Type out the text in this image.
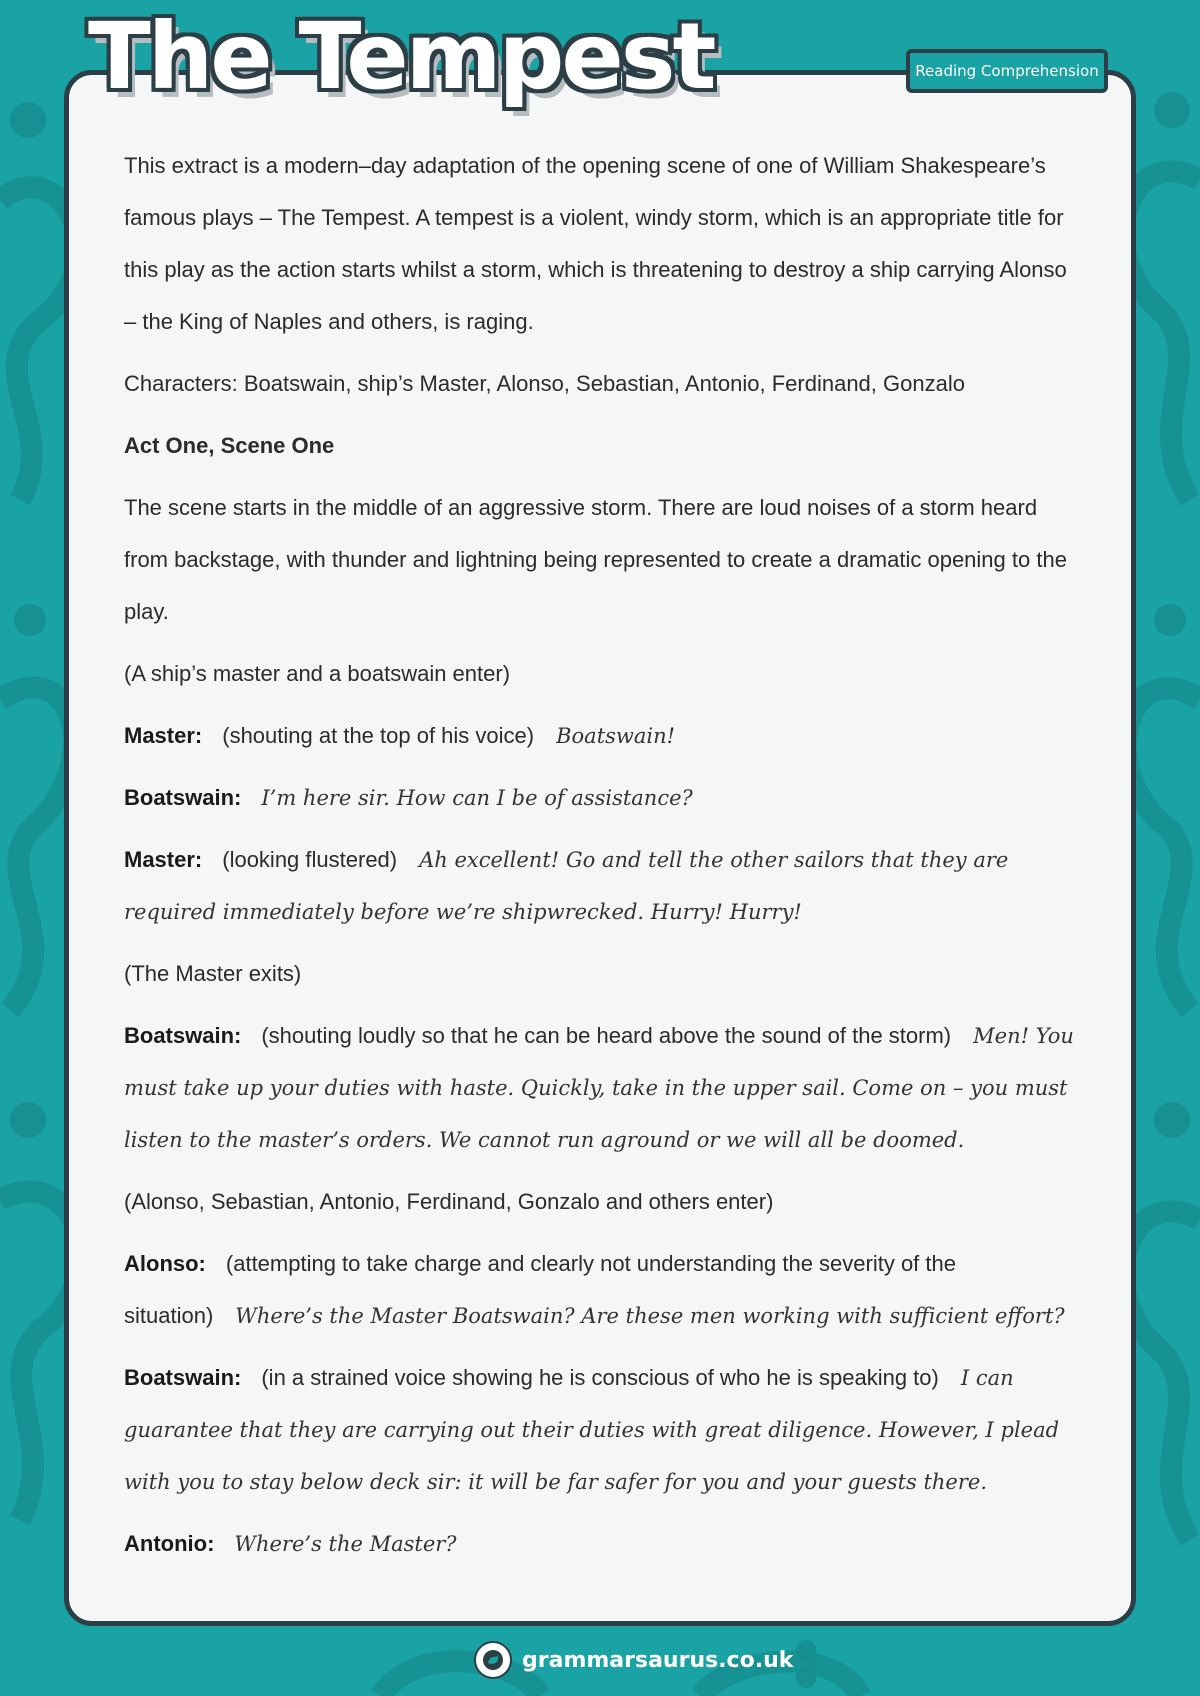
The Tempest	Reading Comprehension

This extract is a modern–day adaptation of the opening scene of one of William Shakespeare’s famous plays – The Tempest. A tempest is a violent, windy storm, which is an appropriate title for this play as the action starts whilst a storm, which is threatening to destroy a ship carrying Alonso – the King of Naples and others, is raging.

Characters: Boatswain, ship’s Master, Alonso, Sebastian, Antonio, Ferdinand, Gonzalo

Act One, Scene One

The scene starts in the middle of an aggressive storm. There are loud noises of a storm heard from backstage, with thunder and lightning being represented to create a dramatic opening to the play.

(A ship’s master and a boatswain enter)

Master: (shouting at the top of his voice) Boatswain!

Boatswain: I’m here sir. How can I be of assistance?

Master: (looking flustered) Ah excellent! Go and tell the other sailors that they are required immediately before we’re shipwrecked. Hurry! Hurry!

(The Master exits)

Boatswain: (shouting loudly so that he can be heard above the sound of the storm) Men! You must take up your duties with haste. Quickly, take in the upper sail. Come on – you must listen to the master’s orders. We cannot run aground or we will all be doomed.

(Alonso, Sebastian, Antonio, Ferdinand, Gonzalo and others enter)

Alonso: (attempting to take charge and clearly not understanding the severity of the situation) Where’s the Master Boatswain? Are these men working with sufficient effort?

Boatswain: (in a strained voice showing he is conscious of who he is speaking to) I can guarantee that they are carrying out their duties with great diligence. However, I plead with you to stay below deck sir: it will be far safer for you and your guests there.

Antonio: Where’s the Master?

grammarsaurus.co.uk
